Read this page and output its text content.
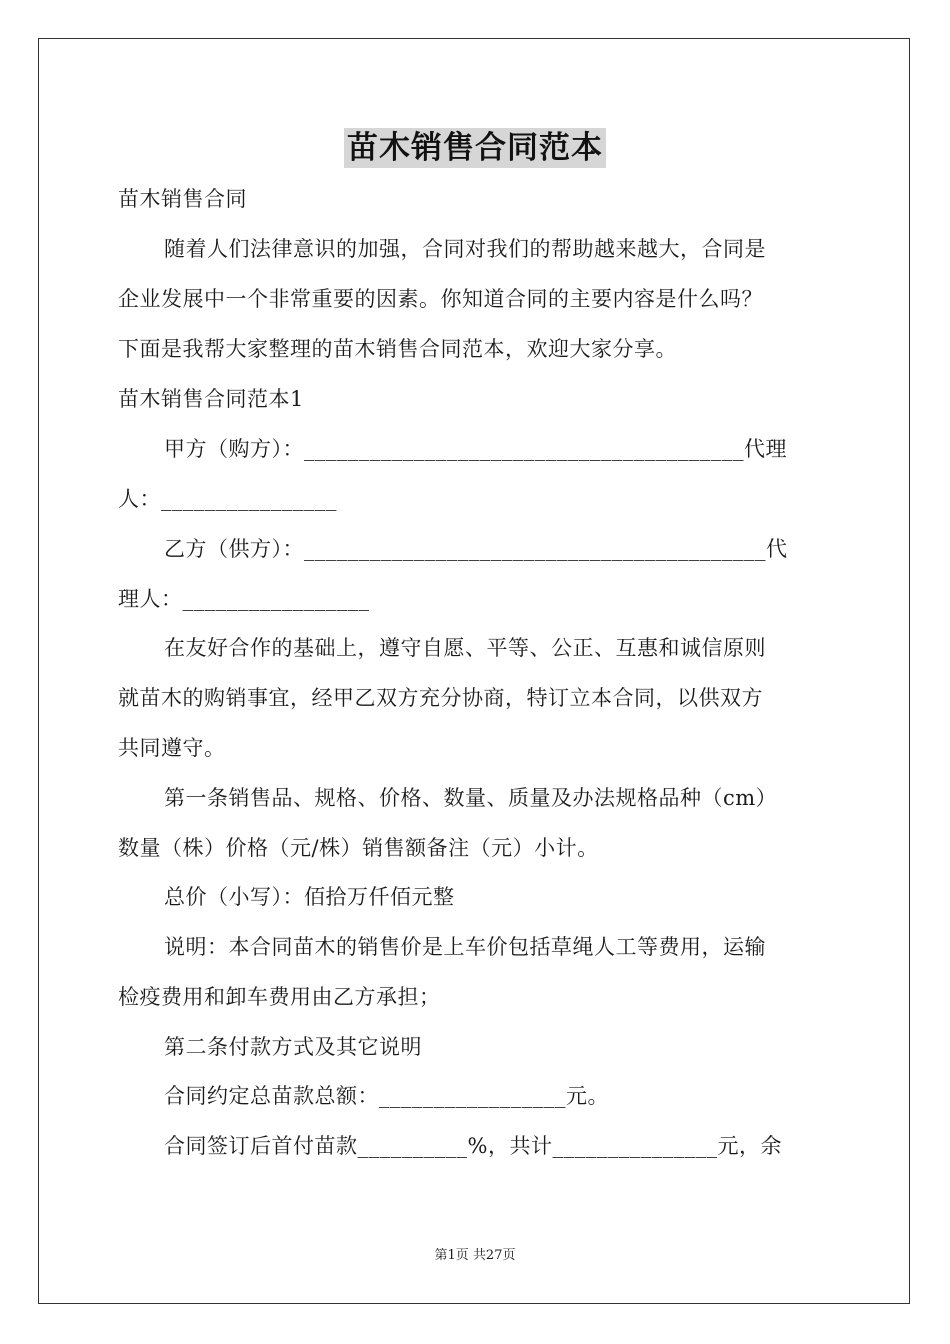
苗木销售合同范本
苗木销售合同
随着人们法律意识的加强，合同对我们的帮助越来越大，合同是
企业发展中一个非常重要的因素。你知道合同的主要内容是什么吗？
下面是我帮大家整理的苗木销售合同范本，欢迎大家分享。
苗木销售合同范本1
甲方（购方）：________________________________________代理
人：________________
乙方（供方）：__________________________________________代
理人：_________________
在友好合作的基础上，遵守自愿、平等、公正、互惠和诚信原则
就苗木的购销事宜，经甲乙双方充分协商，特订立本合同，以供双方
共同遵守。
第一条销售品、规格、价格、数量、质量及办法规格品种（cm）
数量（株）价格（元/株）销售额备注（元）小计。
总价（小写）：佰拾万仟佰元整
说明：本合同苗木的销售价是上车价包括草绳人工等费用，运输
检疫费用和卸车费用由乙方承担；
第二条付款方式及其它说明
合同约定总苗款总额：_________________元。
合同签订后首付苗款__________%，共计_______________元，余
第1页 共27页
